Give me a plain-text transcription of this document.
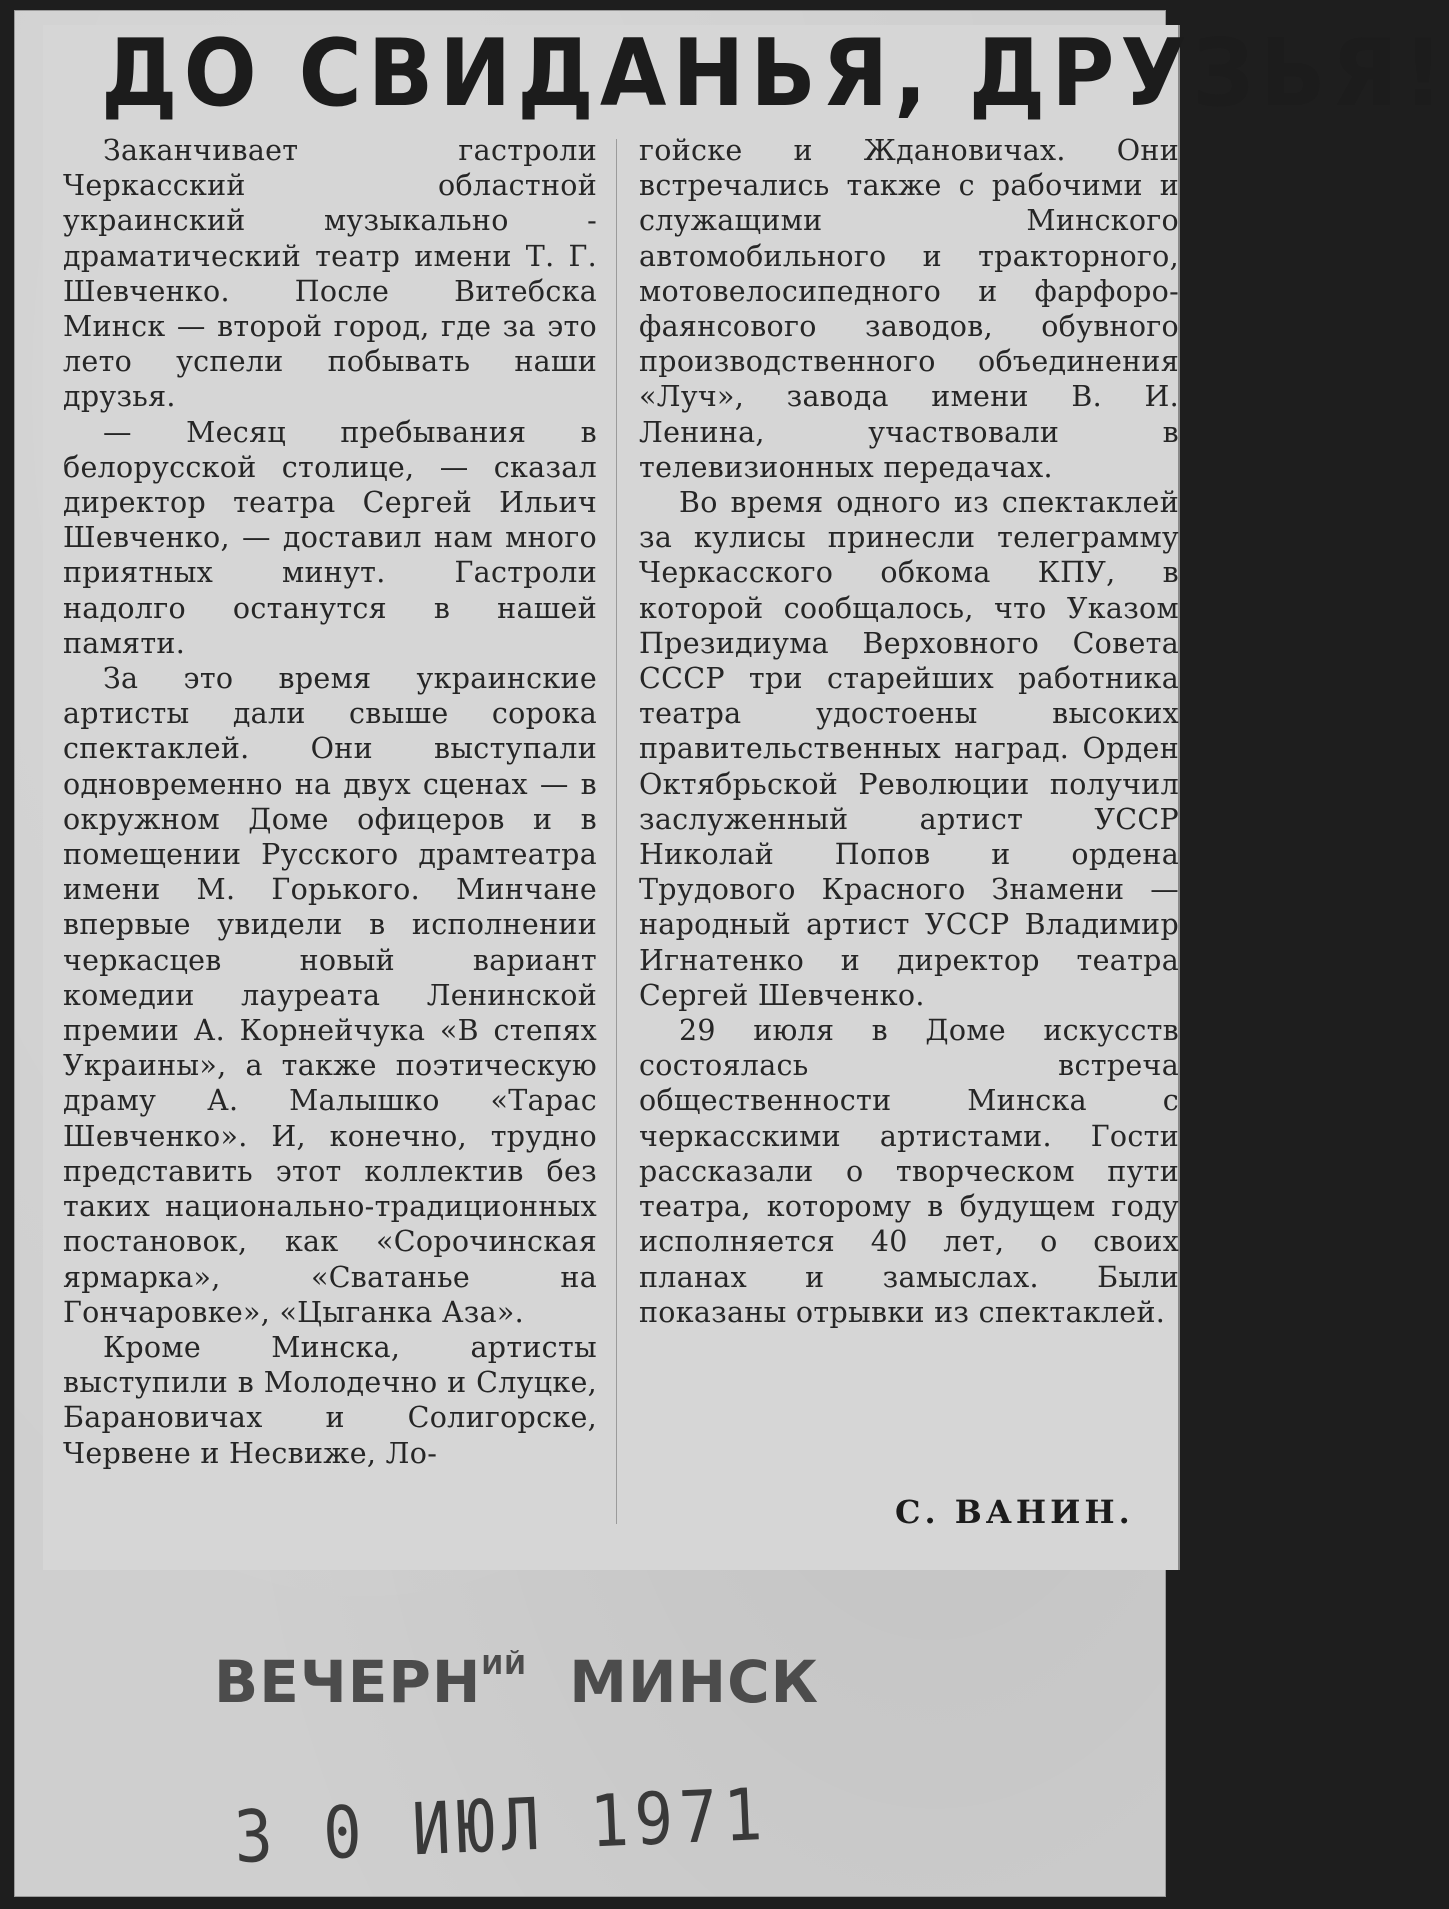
ДО СВИДАНЬЯ, ДРУЗЬЯ!

Заканчивает гастроли Черкасский областной украинский музыкально - драматический театр имени Т. Г. Шевченко. После Витебска Минск — второй город, где за это лето успели побывать наши друзья.

— Месяц пребывания в белорусской столице, — сказал директор театра Сергей Ильич Шевченко, — доставил нам много приятных минут. Гастроли надолго останутся в нашей памяти.

За это время украинские артисты дали свыше сорока спектаклей. Они выступали одновременно на двух сценах — в окружном Доме офицеров и в помещении Русского драмтеатра имени М. Горького. Минчане впервые увидели в исполнении черкасцев новый вариант комедии лауреата Ленинской премии А. Корнейчука «В степях Украины», а также поэтическую драму А. Малышко «Тарас Шевченко». И, конечно, трудно представить этот коллектив без таких национально-традиционных постановок, как «Сорочинская ярмарка», «Сватанье на Гончаровке», «Цыганка Аза».

Кроме Минска, артисты выступили в Молодечно и Слуцке, Барановичах и Солигорске, Червене и Несвиже, Ло-

гойске и Ждановичах. Они встречались также с рабочими и служащими Минского автомобильного и тракторного, мотовелосипедного и фарфоро-фаянсового заводов, обувного производственного объединения «Луч», завода имени В. И. Ленина, участвовали в телевизионных передачах.

Во время одного из спектаклей за кулисы принесли телеграмму Черкасского обкома КПУ, в которой сообщалось, что Указом Президиума Верховного Совета СССР три старейших работника театра удостоены высоких правительственных наград. Орден Октябрьской Революции получил заслуженный артист УССР Николай Попов и ордена Трудового Красного Знамени — народный артист УССР Владимир Игнатенко и директор театра Сергей Шевченко.

29 июля в Доме искусств состоялась встреча общественности Минска с черкасскими артистами. Гости рассказали о творческом пути театра, которому в будущем году исполняется 40 лет, о своих планах и замыслах. Были показаны отрывки из спектаклей.

С. ВАНИН.
$ВЕЧЕРН^{ИЙ}$ МИНСК
3 0 ИЮЛ 1971
